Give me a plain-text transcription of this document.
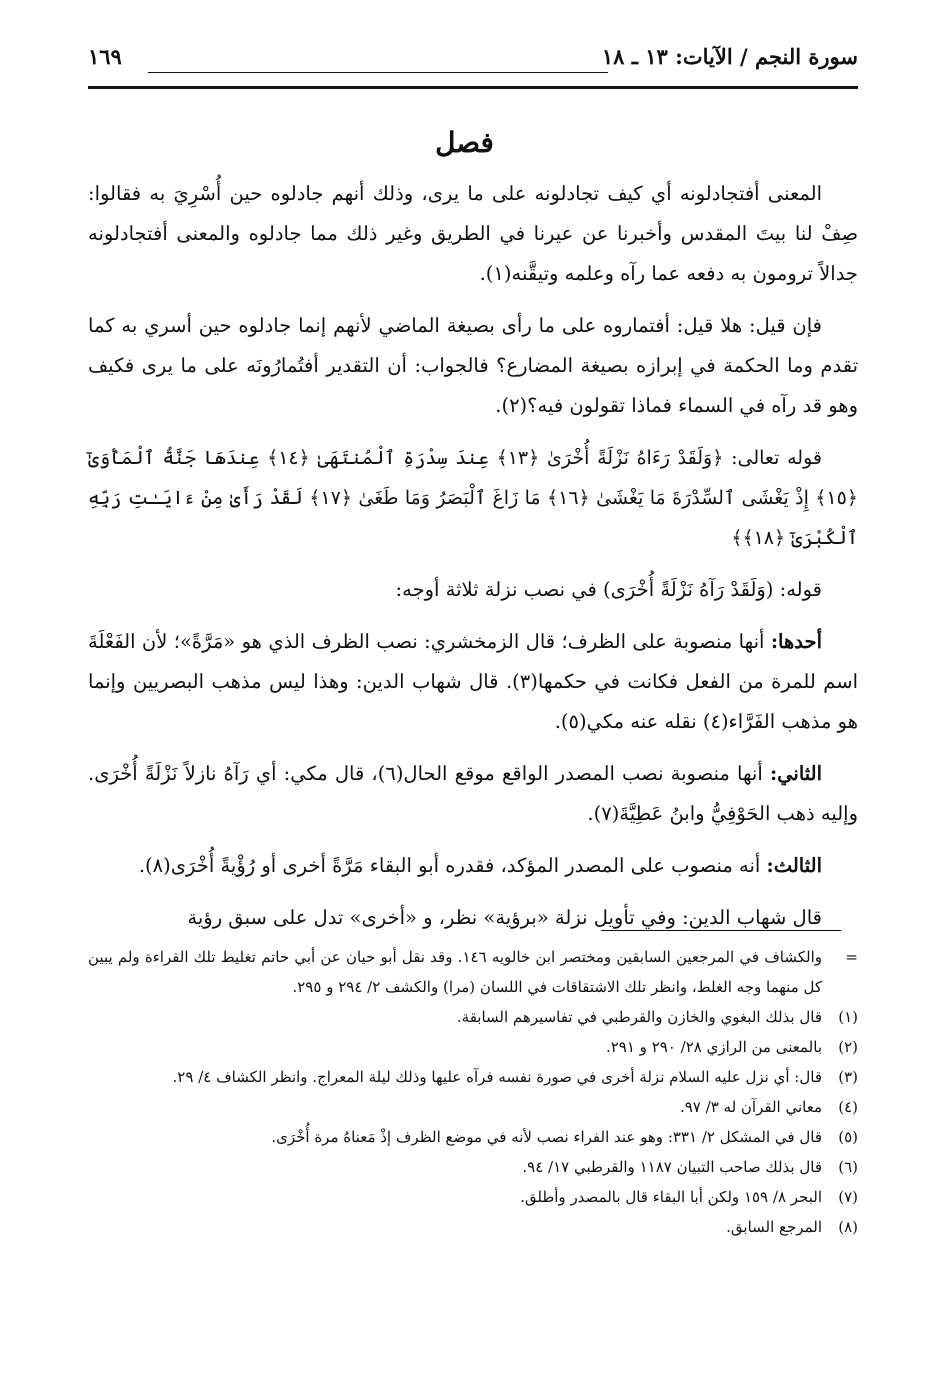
سورة النجم / الآيات: ١٣ ـ ١٨
١٦٩
فصل

المعنى أفتجادلونه أي كيف تجادلونه على ما يرى، وذلك أنهم جادلوه حين أُسْرِيَ به فقالوا: صِفْ لنا بيتَ المقدس وأخبرنا عن عيرنا في الطريق وغير ذلك مما جادلوه والمعنى أفتجادلونه جدالاً ترومون به دفعه عما رآه وعلمه وتيقَّنه(١).

فإن قيل: هلا قيل: أفتماروه على ما رأى بصيغة الماضي لأنهم إنما جادلوه حين أسري به كما تقدم وما الحكمة في إبرازه بصيغة المضارع؟ فالجواب: أن التقدير أفتُمارُونَه على ما يرى فكيف وهو قد رآه في السماء فماذا تقولون فيه؟(٢).

قوله تعالى: ﴿وَلَقَدْ رَءَاهُ نَزْلَةً أُخْرَىٰ ﴿١٣﴾ عِندَ سِدْرَةِ ٱلْمُنتَهَىٰ ﴿١٤﴾ عِندَهَا جَنَّةُ ٱلْمَأْوَىٰٓ ﴿١٥﴾ إِذْ يَغْشَى ٱلسِّدْرَةَ مَا يَغْشَىٰ ﴿١٦﴾ مَا زَاغَ ٱلْبَصَرُ وَمَا طَغَىٰ ﴿١٧﴾ لَقَدْ رَأَىٰ مِنْ ءَايَـٰتِ رَبِّهِ ٱلْكُبْرَىٰٓ ﴿١٨﴾﴾

قوله: (وَلَقَدْ رَآهُ نَزْلَةً أُخْرَى) في نصب نزلة ثلاثة أوجه:

أحدها: أنها منصوبة على الظرف؛ قال الزمخشري: نصب الظرف الذي هو «مَرَّةً»؛ لأن الفَعْلَةَ اسم للمرة من الفعل فكانت في حكمها(٣). قال شهاب الدين: وهذا ليس مذهب البصريين وإنما هو مذهب الفَرَّاء(٤) نقله عنه مكي(٥).

الثاني: أنها منصوبة نصب المصدر الواقع موقع الحال(٦)، قال مكي: أي رَآهُ نازلاً نَزْلَةً أُخْرَى. وإليه ذهب الحَوْفِيُّ وابنُ عَطِيَّةَ(٧).

الثالث: أنه منصوب على المصدر المؤكد، فقدره أبو البقاء مَرَّةً أخرى أو رُؤْيةً أُخْرَى(٨).

قال شهاب الدين: وفي تأويل نزلة «برؤية» نظر، و «أخرى» تدل على سبق رؤية

=
والكشاف في المرجعين السابقين ومختصر ابن خالويه ١٤٦. وقد نقل أبو حيان عن أبي حاتم تغليط تلك القراءة ولم يبين كل منهما وجه الغلط، وانظر تلك الاشتقاقات في اللسان (مرا) والكشف ٢/ ٢٩٤ و ٢٩٥.
(١)
قال بذلك البغوي والخازن والقرطبي في تفاسيرهم السابقة.
(٢)
بالمعنى من الرازي ٢٨/ ٢٩٠ و ٢٩١.
(٣)
قال: أي نزل عليه السلام نزلة أخرى في صورة نفسه فرآه عليها وذلك ليلة المعراج. وانظر الكشاف ٤/ ٢٩.
(٤)
معاني القرآن له ٣/ ٩٧.
(٥)
قال في المشكل ٢/ ٣٣١: وهو عند الفراء نصب لأنه في موضع الظرف إذْ مَعناهُ مرة أُخْرَى.
(٦)
قال بذلك صاحب التبيان ١١٨٧ والقرطبي ١٧/ ٩٤.
(٧)
البحر ٨/ ١٥٩ ولكن أبا البقاء قال بالمصدر وأطلق.
(٨)
المرجع السابق.
